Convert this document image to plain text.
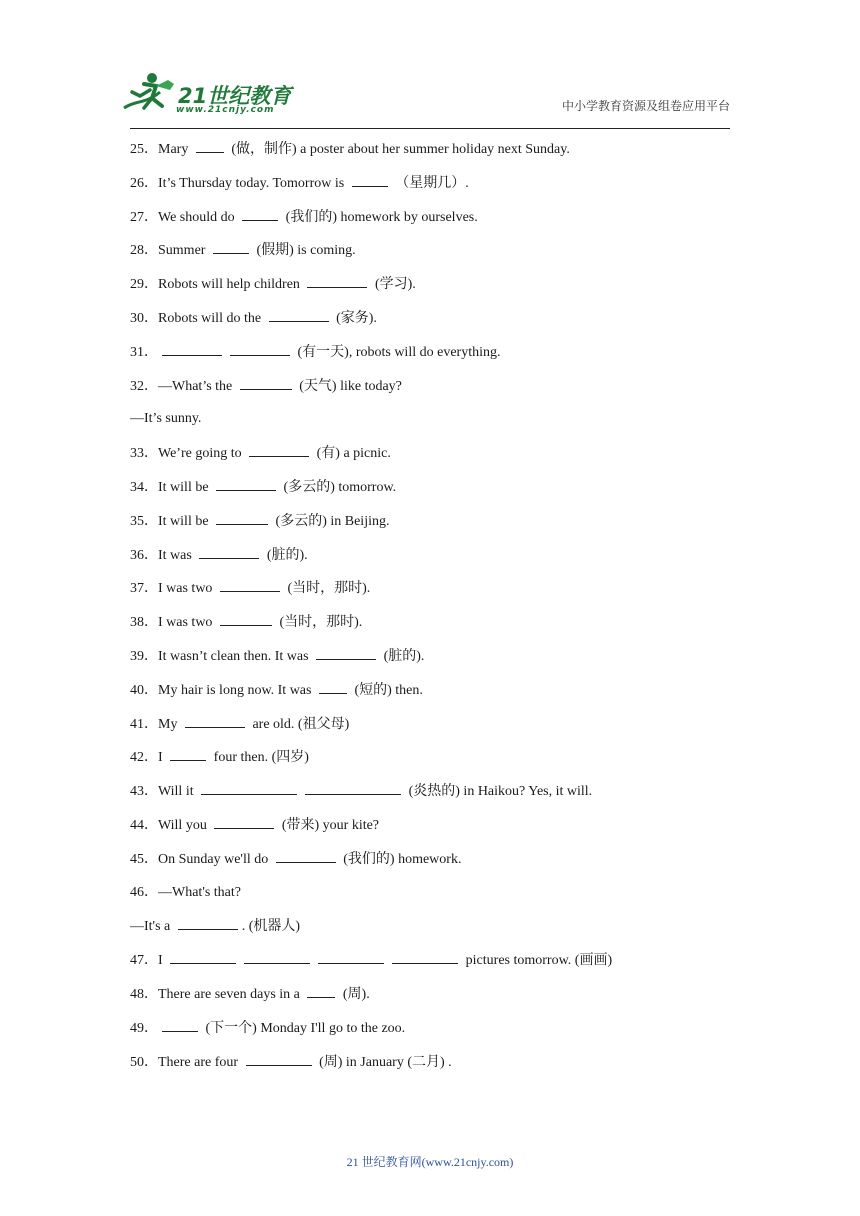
21世纪教育
www.21cnjy.com	中小学教育资源及组卷应用平台
25．Mary	(做，制作) a poster about her summer holiday next Sunday.
26．It’s Thursday today. Tomorrow is	（星期几）.
27．We should do	(我们的) homework by ourselves.
28．Summer	(假期) is coming.
29．Robots will help children	(学习).
30．Robots will do the	(家务).
31．	(有一天), robots will do everything.
32．—What’s the	(天气) like today?
—It’s sunny.
33．We’re going to	(有) a picnic.
34．It will be	(多云的) tomorrow.
35．It will be	(多云的) in Beijing.
36．It was	(脏的).
37．I was two	(当时，那时).
38．I was two	(当时，那时).
39．It wasn’t clean then. It was	(脏的).
40．My hair is long now. It was	(短的) then.
41．My	are old. (祖父母)
42．I	four then. (四岁)
43．Will it	(炎热的) in Haikou? Yes, it will.
44．Will you	(带来) your kite?
45．On Sunday we'll do	(我们的) homework.
46．—What's that?
—It's a	. (机器人)
47．I	pictures tomorrow. (画画)
48．There are seven days in a	(周).
49．	(下一个) Monday I'll go to the zoo.
50．There are four	(周) in January (二月) .
21 世纪教育网(www.21cnjy.com)
